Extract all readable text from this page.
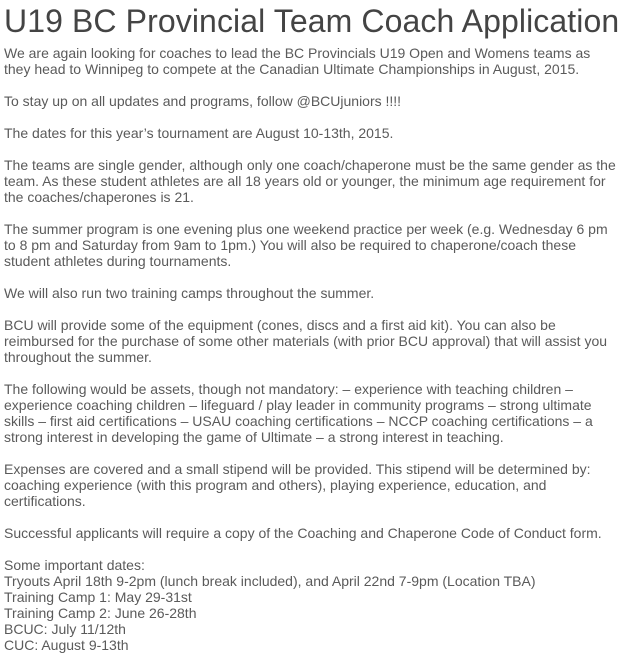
U19 BC Provincial Team Coach Application

We are again looking for coaches to lead the BC Provincials U19 Open and Womens teams as they head to Winnipeg to compete at the Canadian Ultimate Championships in August, 2015.

To stay up on all updates and programs, follow @BCUjuniors !!!!

The dates for this year’s tournament are August 10-13th, 2015.

The teams are single gender, although only one coach/chaperone must be the same gender as the team. As these student athletes are all 18 years old or younger, the minimum age requirement for the coaches/chaperones is 21.

The summer program is one evening plus one weekend practice per week (e.g. Wednesday 6 pm to 8 pm and Saturday from 9am to 1pm.) You will also be required to chaperone/coach these student athletes during tournaments.

We will also run two training camps throughout the summer.

BCU will provide some of the equipment (cones, discs and a first aid kit). You can also be reimbursed for the purchase of some other materials (with prior BCU approval) that will assist you throughout the summer.

The following would be assets, though not mandatory: – experience with teaching children – experience coaching children – lifeguard / play leader in community programs – strong ultimate skills – first aid certifications – USAU coaching certifications – NCCP coaching certifications – a strong interest in developing the game of Ultimate – a strong interest in teaching.

Expenses are covered and a small stipend will be provided. This stipend will be determined by: coaching experience (with this program and others), playing experience, education, and certifications.

Successful applicants will require a copy of the Coaching and Chaperone Code of Conduct form.

Some important dates:
Tryouts April 18th 9-2pm (lunch break included), and April 22nd 7-9pm (Location TBA)
Training Camp 1: May 29-31st
Training Camp 2: June 26-28th
BCUC: July 11/12th
CUC: August 9-13th
